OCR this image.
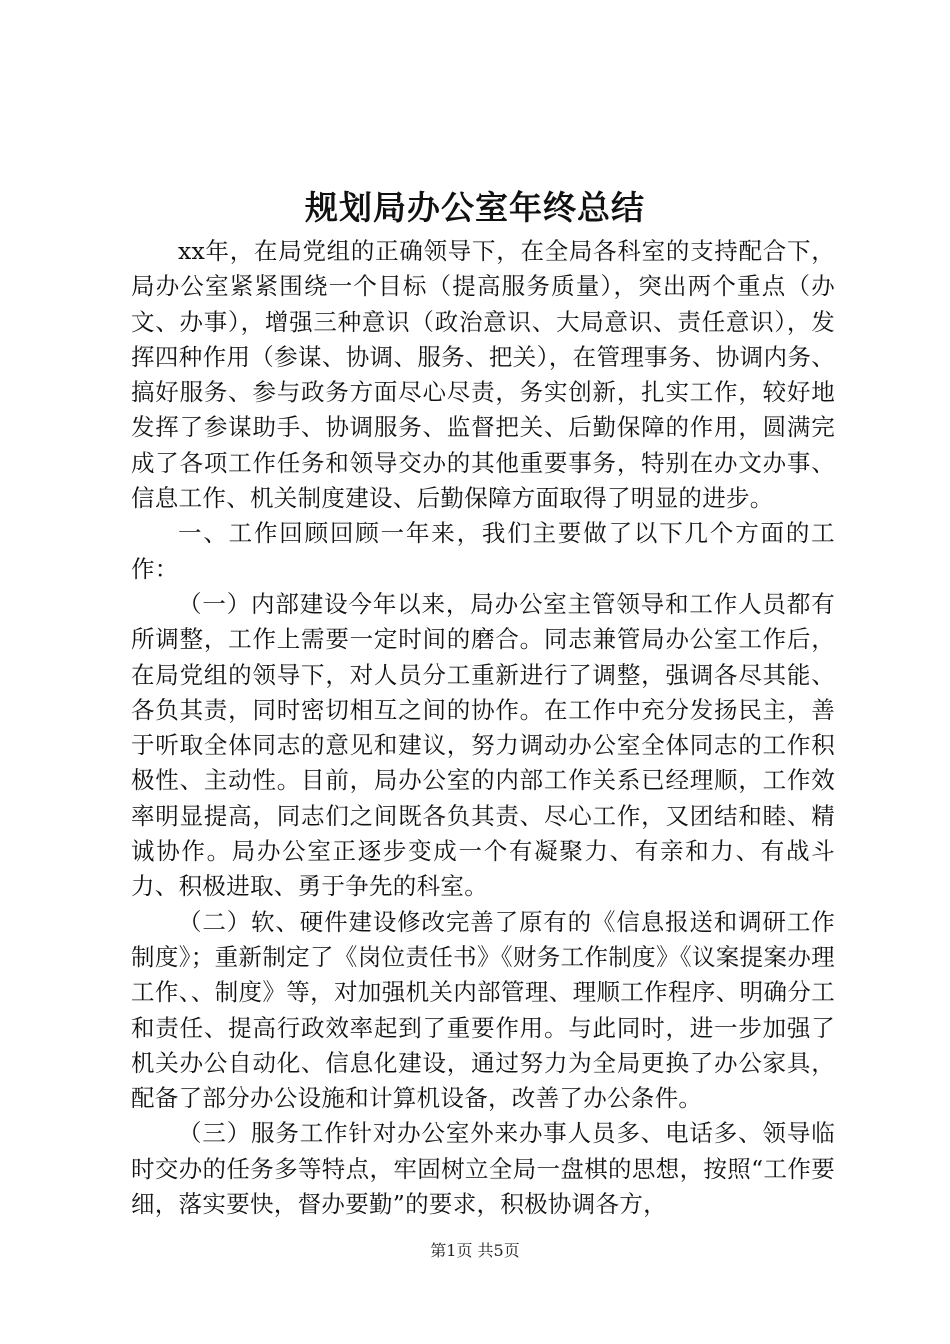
规划局办公室年终总结

xx年，在局党组的正确领导下，在全局各科室的支持配合下，局办公室紧紧围绕一个目标（提高服务质量），突出两个重点（办文、办事），增强三种意识（政治意识、大局意识、责任意识），发挥四种作用（参谋、协调、服务、把关），在管理事务、协调内务、搞好服务、参与政务方面尽心尽责，务实创新，扎实工作，较好地发挥了参谋助手、协调服务、监督把关、后勤保障的作用，圆满完成了各项工作任务和领导交办的其他重要事务，特别在办文办事、信息工作、机关制度建设、后勤保障方面取得了明显的进步。

一、工作回顾回顾一年来，我们主要做了以下几个方面的工作：

（一）内部建设今年以来，局办公室主管领导和工作人员都有所调整，工作上需要一定时间的磨合。同志兼管局办公室工作后，在局党组的领导下，对人员分工重新进行了调整，强调各尽其能、各负其责，同时密切相互之间的协作。在工作中充分发扬民主，善于听取全体同志的意见和建议，努力调动办公室全体同志的工作积极性、主动性。目前，局办公室的内部工作关系已经理顺，工作效率明显提高，同志们之间既各负其责、尽心工作，又团结和睦、精诚协作。局办公室正逐步变成一个有凝聚力、有亲和力、有战斗力、积极进取、勇于争先的科室。

（二）软、硬件建设修改完善了原有的《信息报送和调研工作制度》；重新制定了《岗位责任书》《财务工作制度》《议案提案办理工作、、制度》等，对加强机关内部管理、理顺工作程序、明确分工和责任、提高行政效率起到了重要作用。与此同时，进一步加强了机关办公自动化、信息化建设，通过努力为全局更换了办公家具，配备了部分办公设施和计算机设备，改善了办公条件。

（三）服务工作针对办公室外来办事人员多、电话多、领导临时交办的任务多等特点，牢固树立全局一盘棋的思想，按照“工作要细，落实要快，督办要勤”的要求，积极协调各方，

第1页 共5页
